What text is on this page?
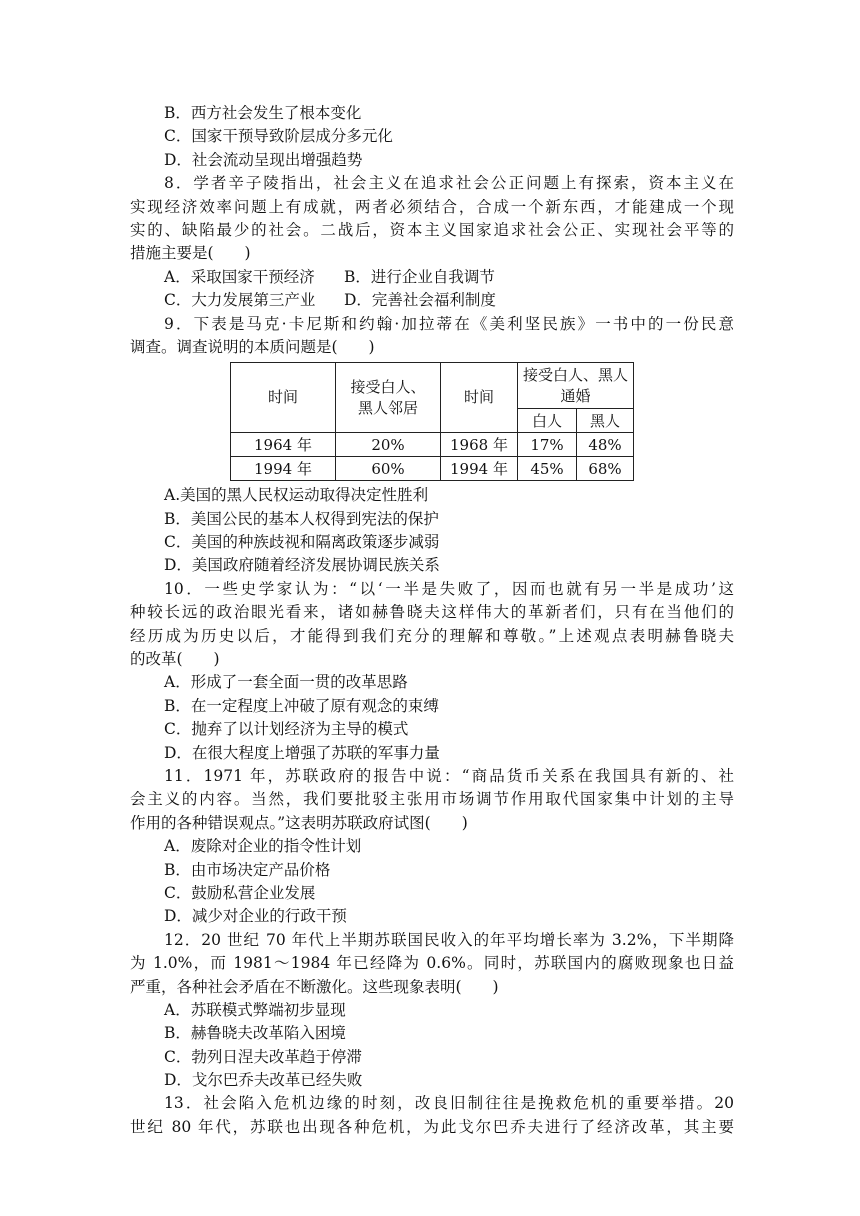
B．西方社会发生了根本变化
C．国家干预导致阶层成分多元化
D．社会流动呈现出增强趋势
8．学者辛子陵指出，社会主义在追求社会公正问题上有探索，资本主义在
实现经济效率问题上有成就，两者必须结合，合成一个新东西，才能建成一个现
实的、缺陷最少的社会。二战后，资本主义国家追求社会公正、实现社会平等的
措施主要是(　　)
A．采取国家干预经济 B．进行企业自我调节
C．大力发展第三产业 D．完善社会福利制度
9．下表是马克·卡尼斯和约翰·加拉蒂在《美利坚民族》一书中的一份民意
调查。调查说明的本质问题是(　　)
时间	接受白人、黑人邻居	时间	接受白人、黑人通婚	

			白人	黑人
1964 年	20%	1968 年	17%	48%
1994 年	60%	1994 年	45%	68%
A.美国的黑人民权运动取得决定性胜利
B．美国公民的基本人权得到宪法的保护
C．美国的种族歧视和隔离政策逐步减弱
D．美国政府随着经济发展协调民族关系
10．一些史学家认为：“以‘一半是失败了，因而也就有另一半是成功’这
种较长远的政治眼光看来，诸如赫鲁晓夫这样伟大的革新者们，只有在当他们的
经历成为历史以后，才能得到我们充分的理解和尊敬。”上述观点表明赫鲁晓夫
的改革(　　)
A．形成了一套全面一贯的改革思路
B．在一定程度上冲破了原有观念的束缚
C．抛弃了以计划经济为主导的模式
D．在很大程度上增强了苏联的军事力量
11．1971 年，苏联政府的报告中说：“商品货币关系在我国具有新的、社
会主义的内容。当然，我们要批驳主张用市场调节作用取代国家集中计划的主导
作用的各种错误观点。”这表明苏联政府试图(　　)
A．废除对企业的指令性计划
B．由市场决定产品价格
C．鼓励私营企业发展
D．减少对企业的行政干预
12．20 世纪 70 年代上半期苏联国民收入的年平均增长率为 3.2%，下半期降
为 1.0%，而 1981～1984 年已经降为 0.6%。同时，苏联国内的腐败现象也日益
严重，各种社会矛盾在不断激化。这些现象表明(　　)
A．苏联模式弊端初步显现
B．赫鲁晓夫改革陷入困境
C．勃列日涅夫改革趋于停滞
D．戈尔巴乔夫改革已经失败
13．社会陷入危机边缘的时刻，改良旧制往往是挽救危机的重要举措。20
世纪 80 年代，苏联也出现各种危机，为此戈尔巴乔夫进行了经济改革，其主要
